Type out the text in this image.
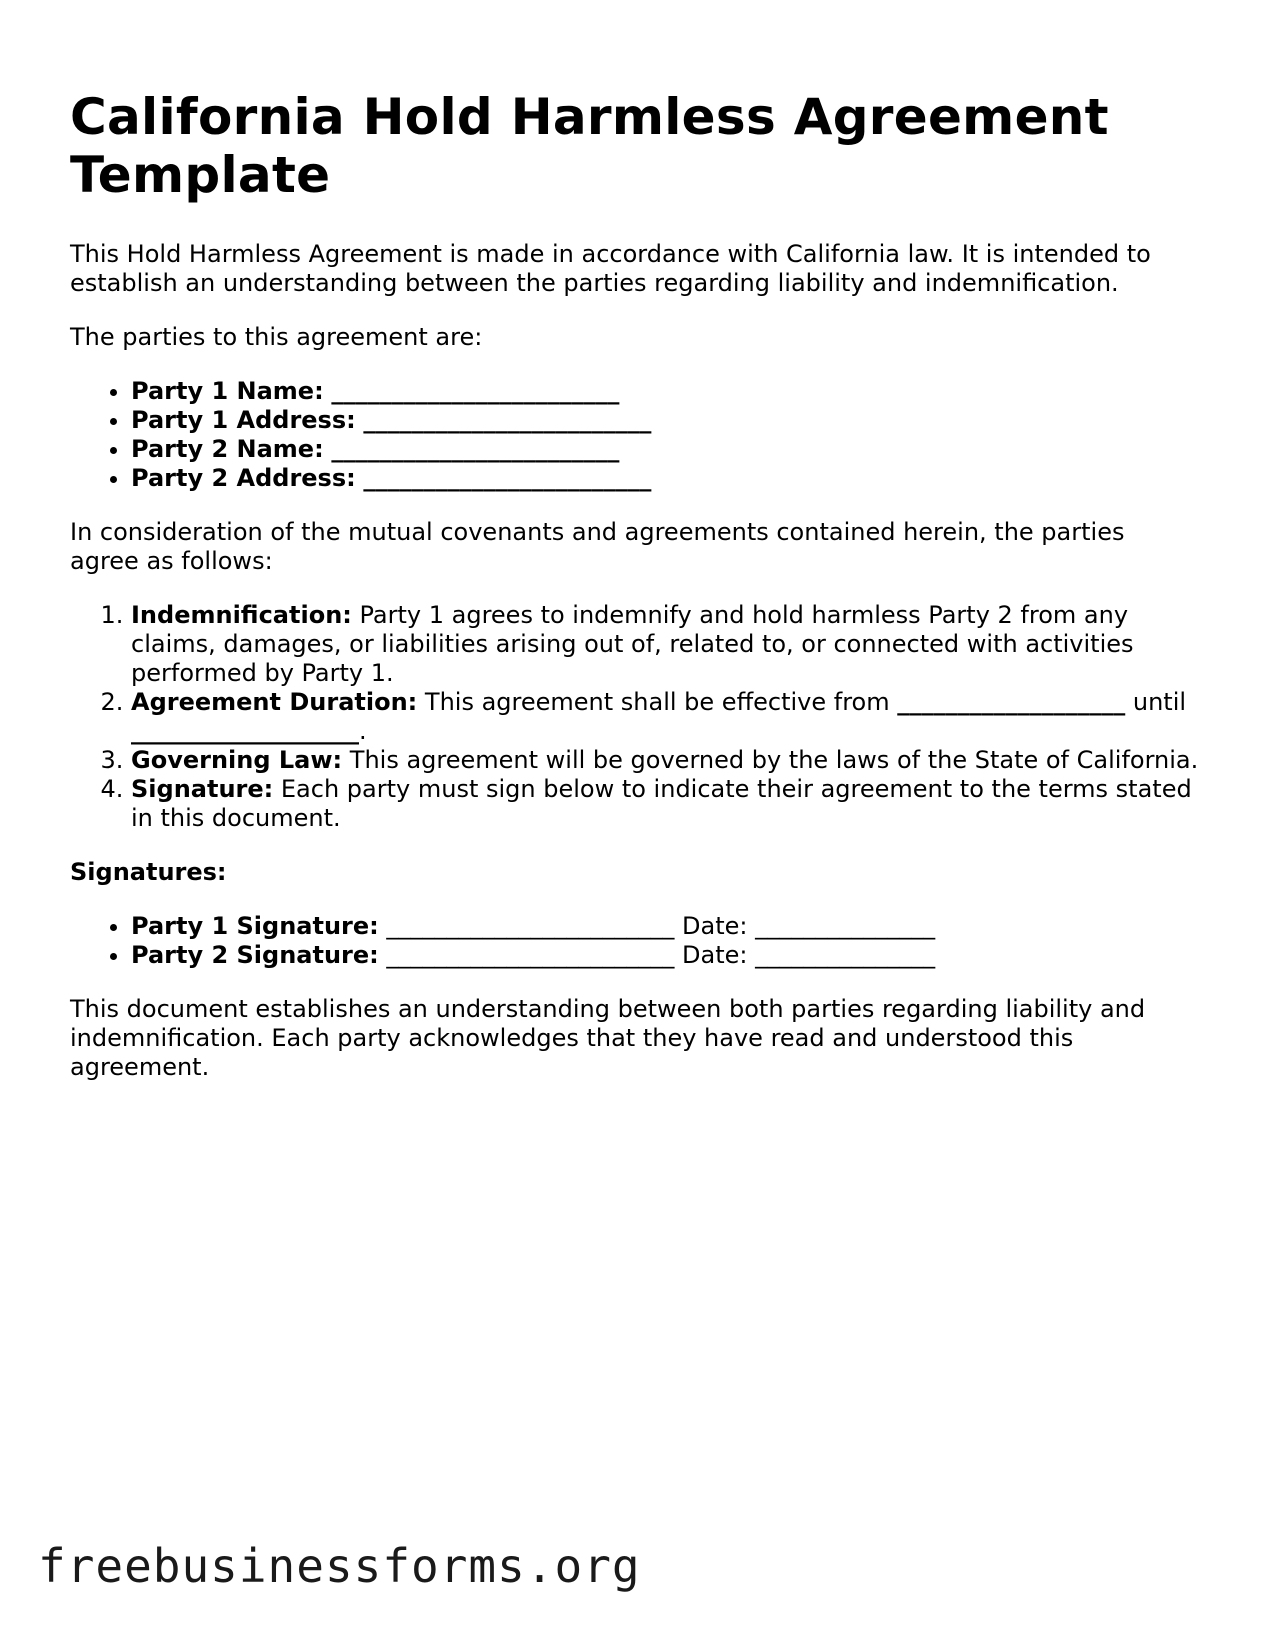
California Hold Harmless Agreement Template

This Hold Harmless Agreement is made in accordance with California law. It is intended to establish an understanding between the parties regarding liability and indemnification.

The parties to this agreement are:

• Party 1 Name: ________________________
• Party 1 Address: ________________________
• Party 2 Name: ________________________
• Party 2 Address: ________________________

In consideration of the mutual covenants and agreements contained herein, the parties agree as follows:

1. Indemnification: Party 1 agrees to indemnify and hold harmless Party 2 from any claims, damages, or liabilities arising out of, related to, or connected with activities performed by Party 1.
2. Agreement Duration: This agreement shall be effective from ___________________ until ___________________.
3. Governing Law: This agreement will be governed by the laws of the State of California.
4. Signature: Each party must sign below to indicate their agreement to the terms stated in this document.

Signatures:

• Party 1 Signature: ________________________ Date: _______________
• Party 2 Signature: ________________________ Date: _______________

This document establishes an understanding between both parties regarding liability and indemnification. Each party acknowledges that they have read and understood this agreement.

freebusinessforms.org
